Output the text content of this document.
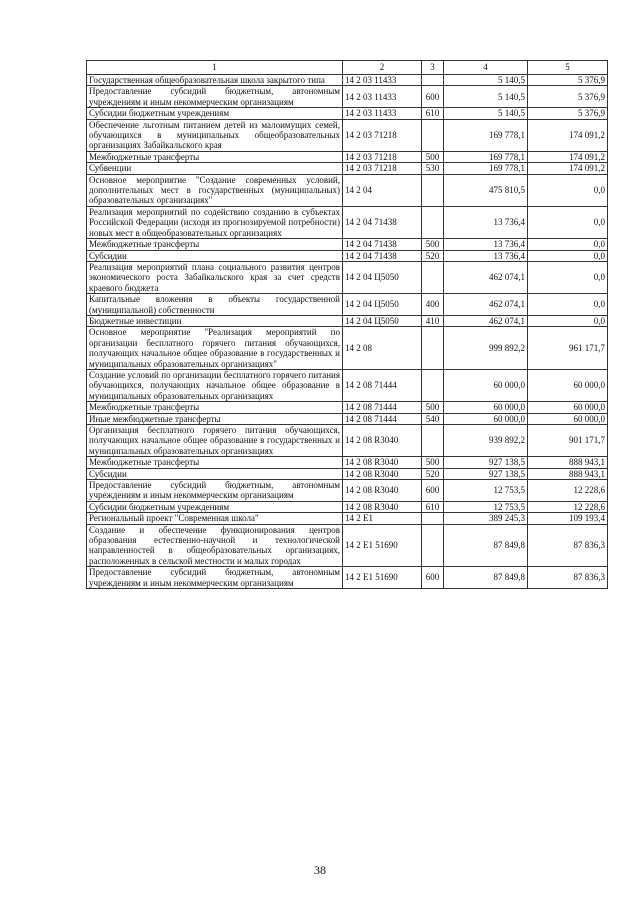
1	2	3	4	5
Государственная общеобразовательная школа закрытого типа	14 2 03 11433		5 140,5	5 376,9
Предоставление субсидий бюджетным, автономным учреждениям и иным некоммерческим организациям	14 2 03 11433	600	5 140,5	5 376,9
Субсидии бюджетным учреждениям	14 2 03 11433	610	5 140,5	5 376,9
Обеспечение льготным питанием детей из малоимущих семей, обучающихся в муниципальных общеобразовательных организациях Забайкальского края	14 2 03 71218		169 778,1	174 091,2
Межбюджетные трансферты	14 2 03 71218	500	169 778,1	174 091,2
Субвенции	14 2 03 71218	530	169 778,1	174 091,2
Основное мероприятие "Создание современных условий, дополнительных мест в государственных (муниципальных) образовательных организациях"	14 2 04		475 810,5	0,0
Реализация мероприятий по содействию созданию в субъектах Российской Федерации (исходя из прогнозируемой потребности) новых мест в общеобразовательных организациях	14 2 04 71438		13 736,4	0,0
Межбюджетные трансферты	14 2 04 71438	500	13 736,4	0,0
Субсидии	14 2 04 71438	520	13 736,4	0,0
Реализация мероприятий плана социального развития центров экономического роста Забайкальского края за счет средств краевого бюджета	14 2 04 Ц5050		462 074,1	0,0
Капитальные вложения в объекты государственной (муниципальной) собственности	14 2 04 Ц5050	400	462 074,1	0,0
Бюджетные инвестиции	14 2 04 Ц5050	410	462 074,1	0,0
Основное мероприятие "Реализация мероприятий по организации бесплатного горячего питания обучающихся, получающих начальное общее образование в государственных и муниципальных образовательных организациях"	14 2 08		999 892,2	961 171,7
Создание условий по организации бесплатного горячего питания обучающихся, получающих начальное общее образование в муниципальных образовательных организациях	14 2 08 71444		60 000,0	60 000,0
Межбюджетные трансферты	14 2 08 71444	500	60 000,0	60 000,0
Иные межбюджетные трансферты	14 2 08 71444	540	60 000,0	60 000,0
Организация бесплатного горячего питания обучающихся, получающих начальное общее образование в государственных и муниципальных образовательных организациях	14 2 08 R3040		939 892,2	901 171,7
Межбюджетные трансферты	14 2 08 R3040	500	927 138,5	888 943,1
Субсидии	14 2 08 R3040	520	927 138,5	888 943,1
Предоставление субсидий бюджетным, автономным учреждениям и иным некоммерческим организациям	14 2 08 R3040	600	12 753,5	12 228,6
Субсидии бюджетным учреждениям	14 2 08 R3040	610	12 753,5	12 228,6
Региональный проект "Современная школа"	14 2 E1		389 245,3	109 193,4
Создание и обеспечение функционирования центров образования естественно-научной и технологической направленностей в общеобразовательных организациях, расположенных в сельской местности и малых городах	14 2 E1 51690		87 849,8	87 836,3
Предоставление субсидий бюджетным, автономным учреждениям и иным некоммерческим организациям	14 2 E1 51690	600	87 849,8	87 836,3
38
